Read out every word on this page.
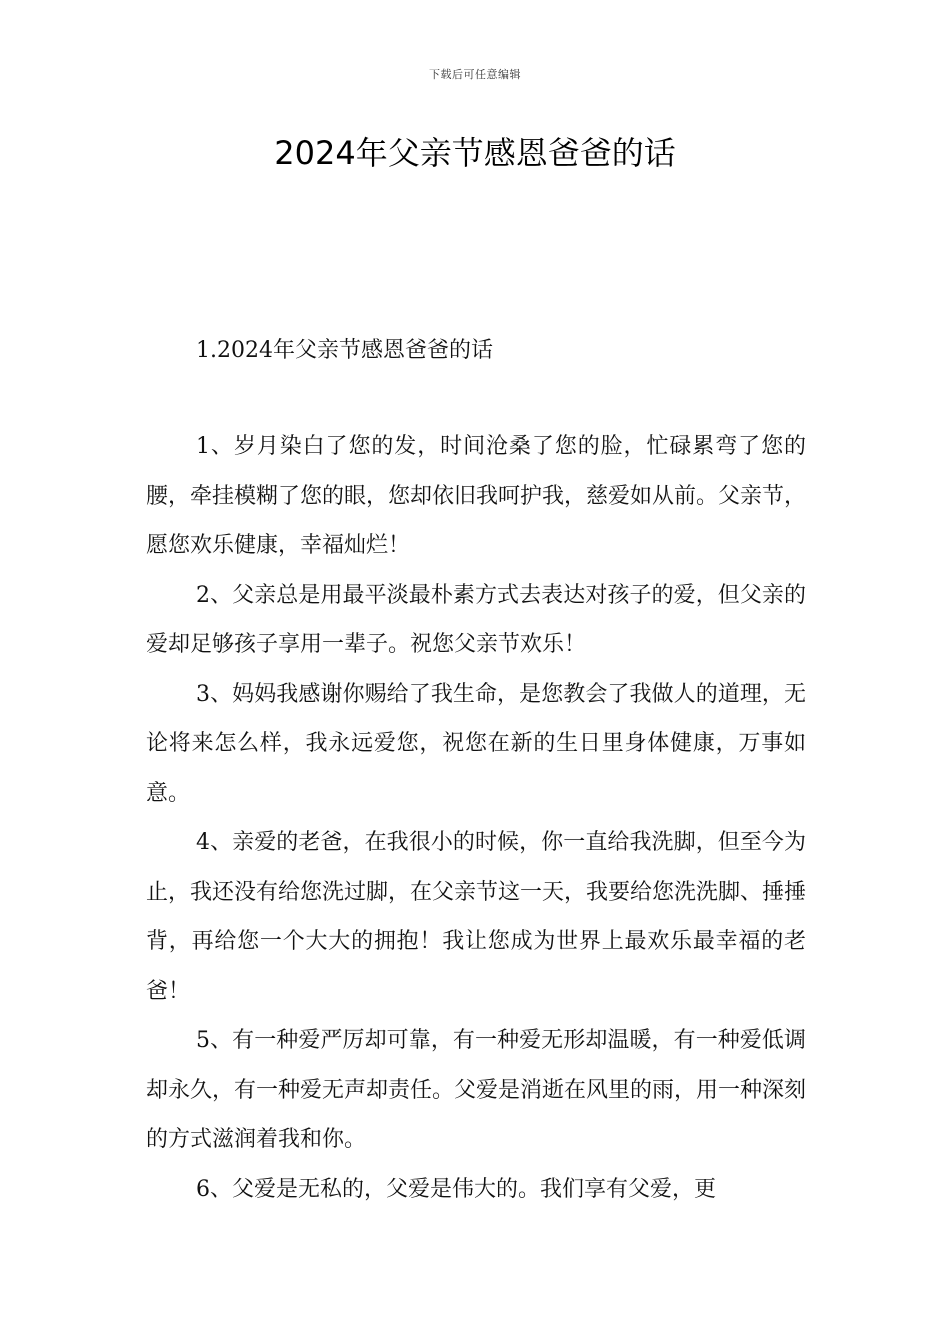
下载后可任意编辑
2024年父亲节感恩爸爸的话

1.2024年父亲节感恩爸爸的话

1、岁月染白了您的发，时间沧桑了您的脸，忙碌累弯了您的腰，牵挂模糊了您的眼，您却依旧我呵护我，慈爱如从前。父亲节，愿您欢乐健康，幸福灿烂！

2、父亲总是用最平淡最朴素方式去表达对孩子的爱，但父亲的爱却足够孩子享用一辈子。祝您父亲节欢乐！

3、妈妈我感谢你赐给了我生命，是您教会了我做人的道理，无论将来怎么样，我永远爱您，祝您在新的生日里身体健康，万事如意。

4、亲爱的老爸，在我很小的时候，你一直给我洗脚，但至今为止，我还没有给您洗过脚，在父亲节这一天，我要给您洗洗脚、捶捶背，再给您一个大大的拥抱！我让您成为世界上最欢乐最幸福的老爸！

5、有一种爱严厉却可靠，有一种爱无形却温暖，有一种爱低调却永久，有一种爱无声却责任。父爱是消逝在风里的雨，用一种深刻的方式滋润着我和你。

6、父爱是无私的，父爱是伟大的。我们享有父爱，更
